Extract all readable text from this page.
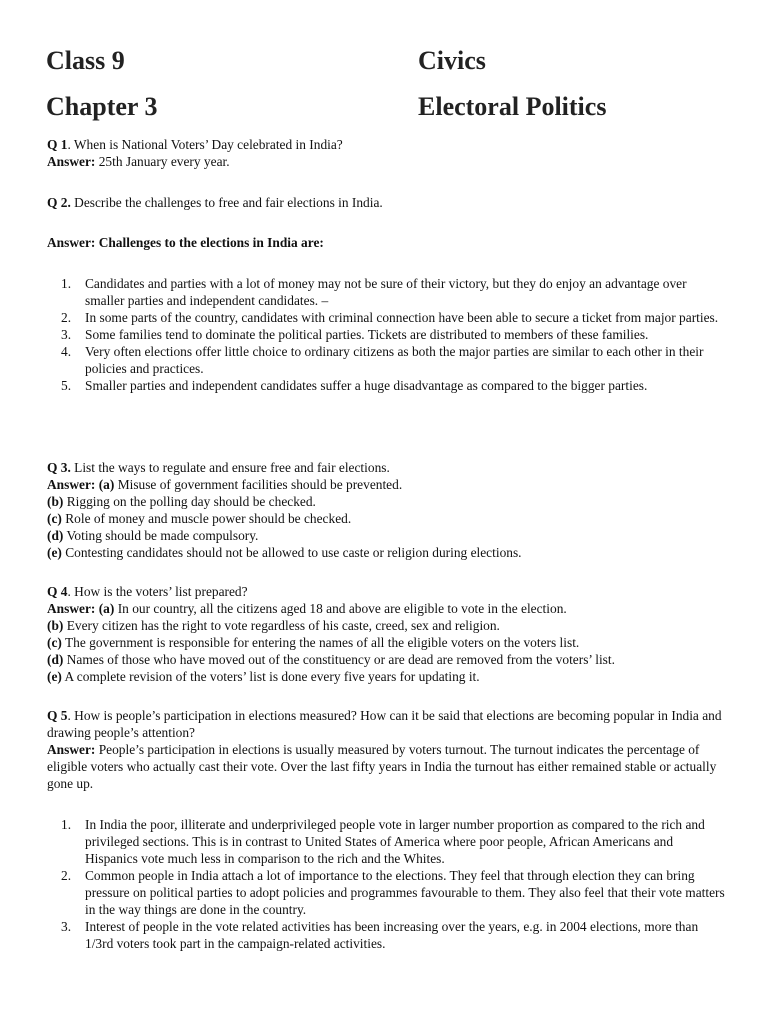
Class 9	Civics
Chapter 3	Electoral Politics

Q 1. When is National Voters’ Day celebrated in India?

Answer: 25th January every year.

Q 2. Describe the challenges to free and fair elections in India.

Answer: Challenges to the elections in India are:

1. Candidates and parties with a lot of money may not be sure of their victory, but they do enjoy an advantage over smaller parties and independent candidates. –
2. In some parts of the country, candidates with criminal connection have been able to secure a ticket from major parties.
3. Some families tend to dominate the political parties. Tickets are distributed to members of these families.
4. Very often elections offer little choice to ordinary citizens as both the major parties are similar to each other in their policies and practices.
5. Smaller parties and independent candidates suffer a huge disadvantage as compared to the bigger parties.

Q 3. List the ways to regulate and ensure free and fair elections.

Answer: (a) Misuse of government facilities should be prevented.

(b) Rigging on the polling day should be checked.

(c) Role of money and muscle power should be checked.

(d) Voting should be made compulsory.

(e) Contesting candidates should not be allowed to use caste or religion during elections.

Q 4. How is the voters’ list prepared?

Answer: (a) In our country, all the citizens aged 18 and above are eligible to vote in the election.

(b) Every citizen has the right to vote regardless of his caste, creed, sex and religion.

(c) The government is responsible for entering the names of all the eligible voters on the voters list.

(d) Names of those who have moved out of the constituency or are dead are removed from the voters’ list.

(e) A complete revision of the voters’ list is done every five years for updating it.

Q 5. How is people’s participation in elections measured? How can it be said that elections are becoming popular in India and drawing people’s attention?

Answer: People’s participation in elections is usually measured by voters turnout. The turnout indicates the percentage of eligible voters who actually cast their vote. Over the last fifty years in India the turnout has either remained stable or actually gone up.

1. In India the poor, illiterate and underprivileged people vote in larger number proportion as compared to the rich and privileged sections. This is in contrast to United States of America where poor people, African Americans and Hispanics vote much less in comparison to the rich and the Whites.
2. Common people in India attach a lot of importance to the elections. They feel that through election they can bring pressure on political parties to adopt policies and programmes favourable to them. They also feel that their vote matters in the way things are done in the country.
3. Interest of people in the vote related activities has been increasing over the years, e.g. in 2004 elections, more than 1/3rd voters took part in the campaign-related activities.
